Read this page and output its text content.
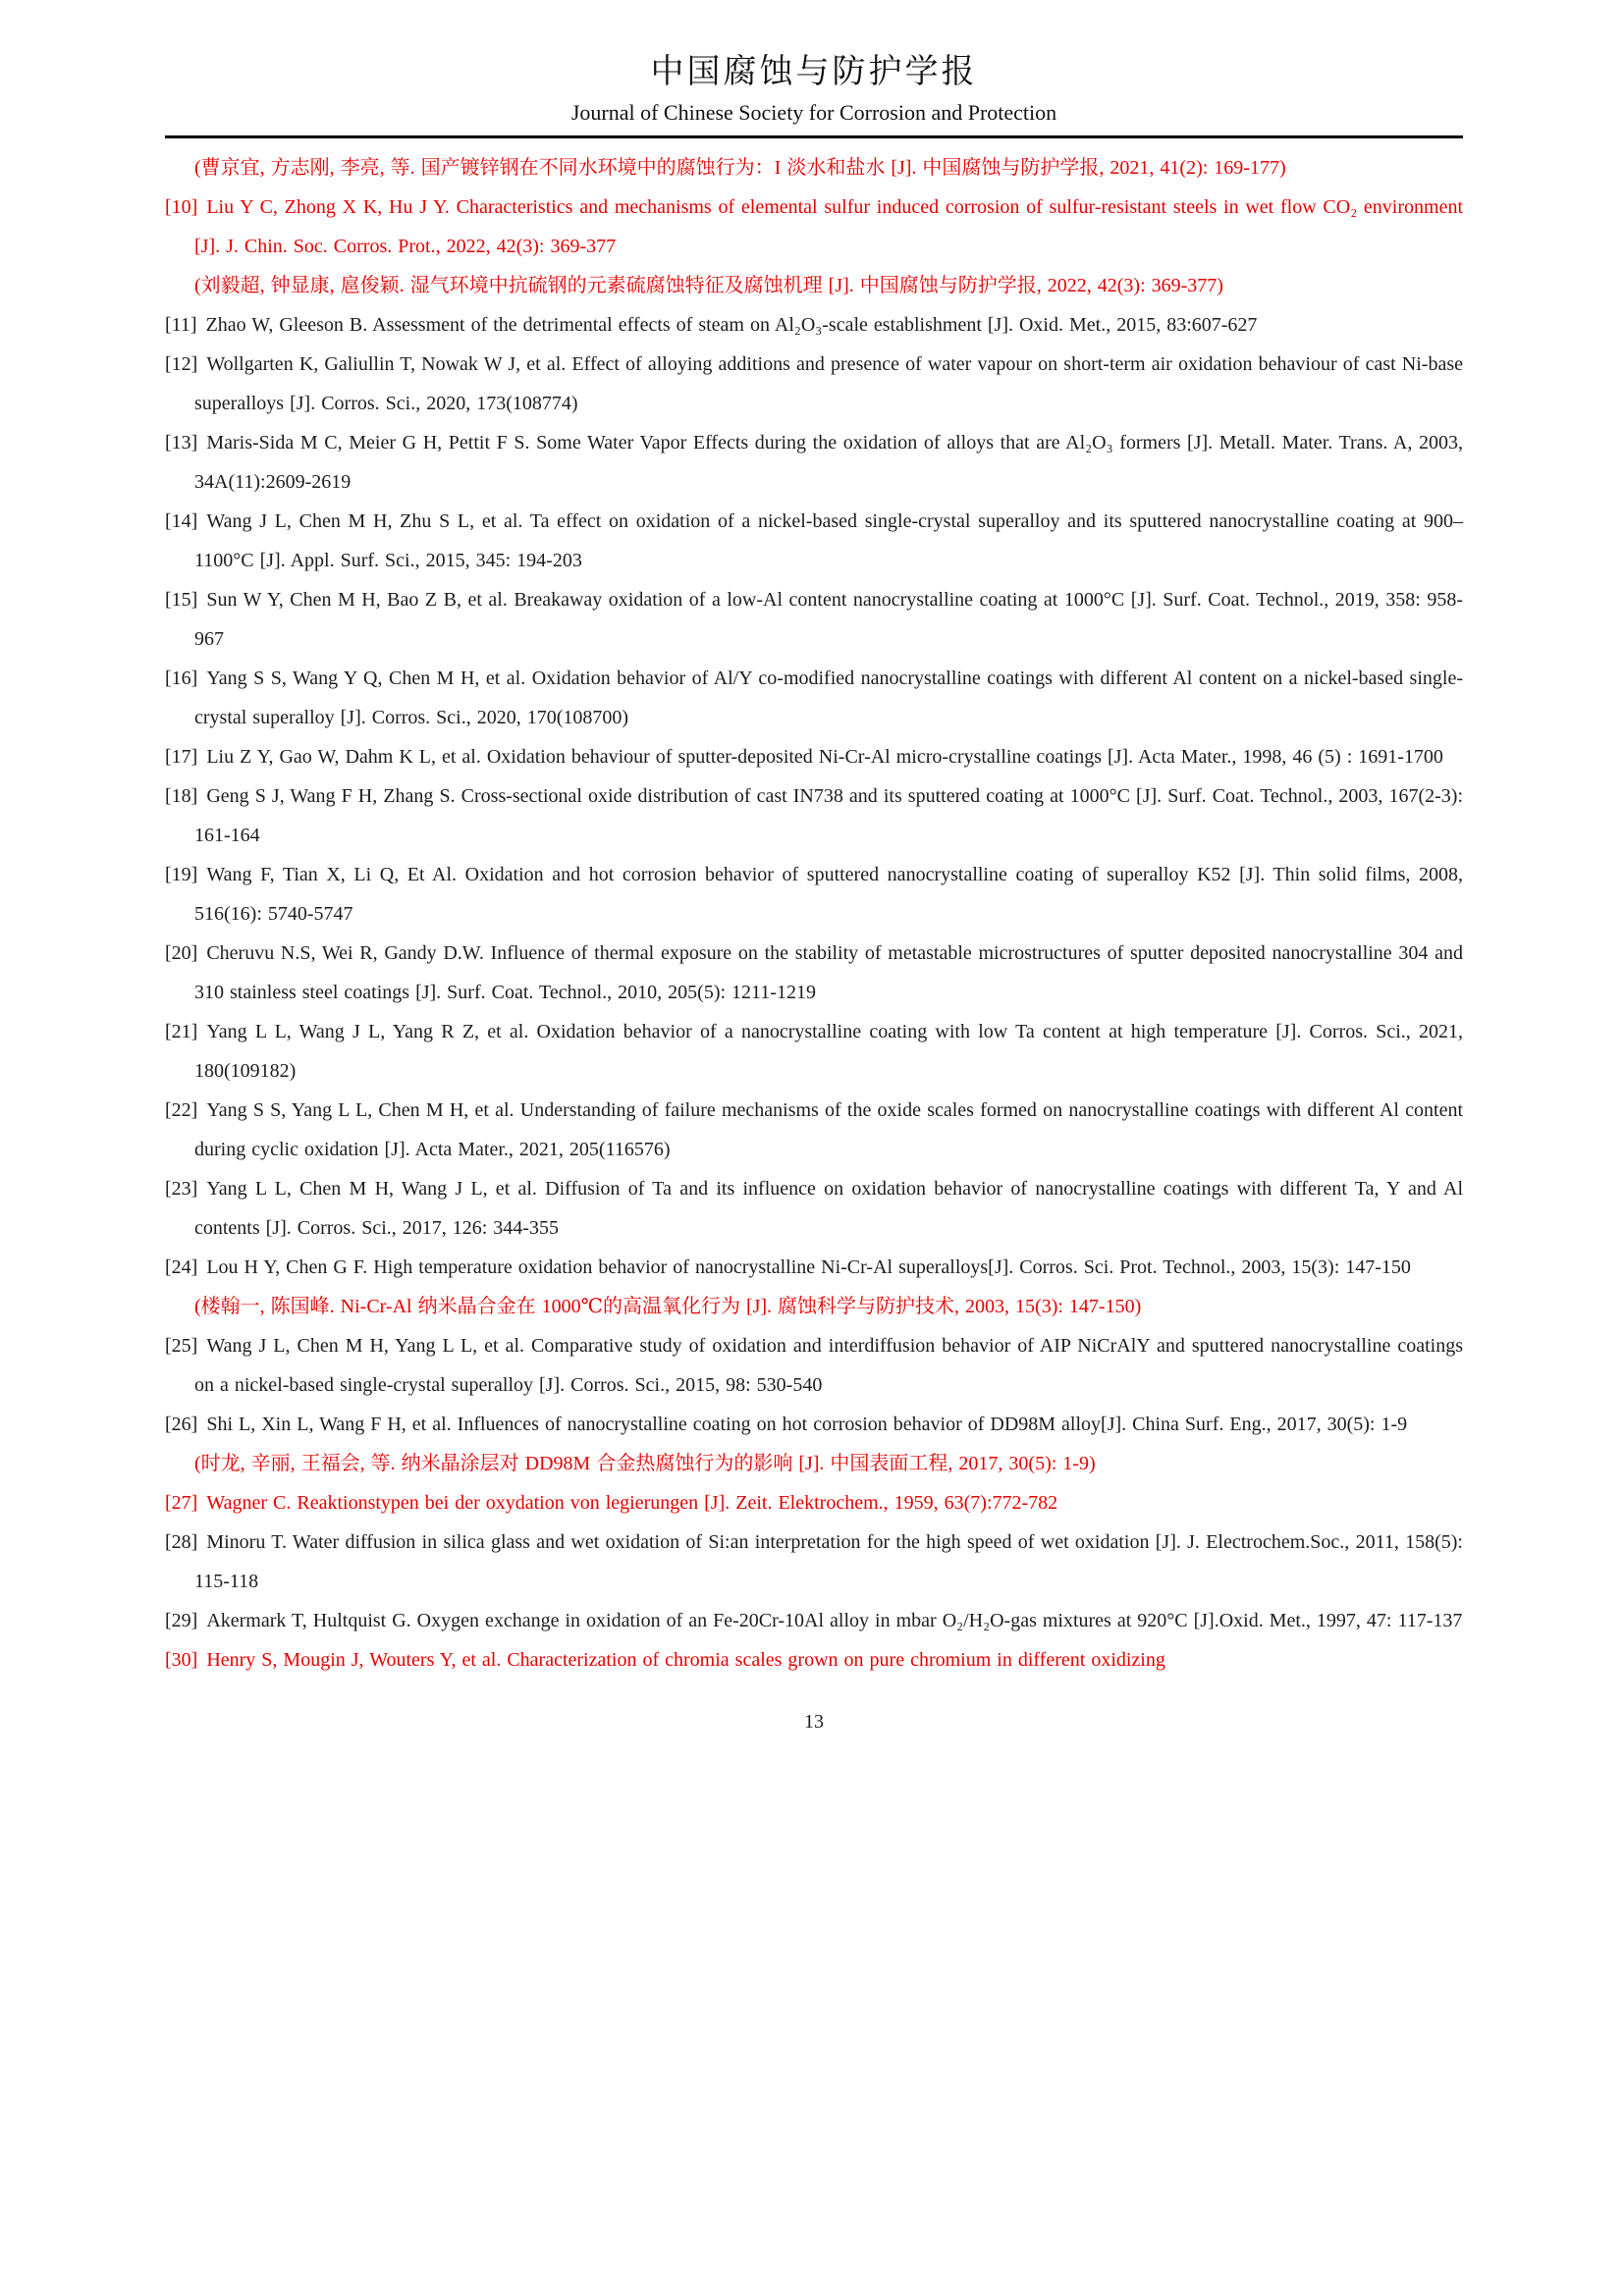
中国腐蚀与防护学报
Journal of Chinese Society for Corrosion and Protection

(曹京宜, 方志刚, 李亮, 等. 国产镀锌钢在不同水环境中的腐蚀行为：I 淡水和盐水 [J]. 中国腐蚀与防护学报, 2021, 41(2): 169-177)

[10] Liu Y C, Zhong X K, Hu J Y. Characteristics and mechanisms of elemental sulfur induced corrosion of sulfur-resistant steels in wet flow CO₂ environment [J]. J. Chin. Soc. Corros. Prot., 2022, 42(3): 369-377

(刘毅超, 钟显康, 扈俊颖. 湿气环境中抗硫钢的元素硫腐蚀特征及腐蚀机理 [J]. 中国腐蚀与防护学报, 2022, 42(3): 369-377)

[11] Zhao W, Gleeson B. Assessment of the detrimental effects of steam on Al₂O₃-scale establishment [J]. Oxid. Met., 2015, 83:607-627

[12] Wollgarten K, Galiullin T, Nowak W J, et al. Effect of alloying additions and presence of water vapour on short-term air oxidation behaviour of cast Ni-base superalloys [J]. Corros. Sci., 2020, 173(108774)

[13] Maris-Sida M C, Meier G H, Pettit F S. Some Water Vapor Effects during the oxidation of alloys that are Al₂O₃ formers [J]. Metall. Mater. Trans. A, 2003, 34A(11):2609-2619

[14] Wang J L, Chen M H, Zhu S L, et al. Ta effect on oxidation of a nickel-based single-crystal superalloy and its sputtered nanocrystalline coating at 900–1100°C [J]. Appl. Surf. Sci., 2015, 345: 194-203

[15] Sun W Y, Chen M H, Bao Z B, et al. Breakaway oxidation of a low-Al content nanocrystalline coating at 1000°C [J]. Surf. Coat. Technol., 2019, 358: 958-967

[16] Yang S S, Wang Y Q, Chen M H, et al. Oxidation behavior of Al/Y co-modified nanocrystalline coatings with different Al content on a nickel-based single-crystal superalloy [J]. Corros. Sci., 2020, 170(108700)

[17] Liu Z Y, Gao W, Dahm K L, et al. Oxidation behaviour of sputter-deposited Ni-Cr-Al micro-crystalline coatings [J]. Acta Mater., 1998, 46 (5) : 1691-1700

[18] Geng S J, Wang F H, Zhang S. Cross-sectional oxide distribution of cast IN738 and its sputtered coating at 1000°C [J]. Surf. Coat. Technol., 2003, 167(2-3): 161-164

[19] Wang F, Tian X, Li Q, Et Al. Oxidation and hot corrosion behavior of sputtered nanocrystalline coating of superalloy K52 [J]. Thin solid films, 2008, 516(16): 5740-5747

[20] Cheruvu N.S, Wei R, Gandy D.W. Influence of thermal exposure on the stability of metastable microstructures of sputter deposited nanocrystalline 304 and 310 stainless steel coatings [J]. Surf. Coat. Technol., 2010, 205(5): 1211-1219

[21] Yang L L, Wang J L, Yang R Z, et al. Oxidation behavior of a nanocrystalline coating with low Ta content at high temperature [J]. Corros. Sci., 2021, 180(109182)

[22] Yang S S, Yang L L, Chen M H, et al. Understanding of failure mechanisms of the oxide scales formed on nanocrystalline coatings with different Al content during cyclic oxidation [J]. Acta Mater., 2021, 205(116576)

[23] Yang L L, Chen M H, Wang J L, et al. Diffusion of Ta and its influence on oxidation behavior of nanocrystalline coatings with different Ta, Y and Al contents [J]. Corros. Sci., 2017, 126: 344-355

[24] Lou H Y, Chen G F. High temperature oxidation behavior of nanocrystalline Ni-Cr-Al superalloys[J]. Corros. Sci. Prot. Technol., 2003, 15(3): 147-150

(楼翰一, 陈国峰. Ni-Cr-Al 纳米晶合金在 1000℃的高温氧化行为 [J]. 腐蚀科学与防护技术, 2003, 15(3): 147-150)

[25] Wang J L, Chen M H, Yang L L, et al. Comparative study of oxidation and interdiffusion behavior of AIP NiCrAlY and sputtered nanocrystalline coatings on a nickel-based single-crystal superalloy [J]. Corros. Sci., 2015, 98: 530-540

[26] Shi L, Xin L, Wang F H, et al. Influences of nanocrystalline coating on hot corrosion behavior of DD98M alloy[J]. China Surf. Eng., 2017, 30(5): 1-9

(时龙, 辛丽, 王福会, 等. 纳米晶涂层对 DD98M 合金热腐蚀行为的影响 [J]. 中国表面工程, 2017, 30(5): 1-9)

[27] Wagner C. Reaktionstypen bei der oxydation von legierungen [J]. Zeit. Elektrochem., 1959, 63(7):772-782

[28] Minoru T. Water diffusion in silica glass and wet oxidation of Si:an interpretation for the high speed of wet oxidation [J]. J. Electrochem.Soc., 2011, 158(5): 115-118

[29] Akermark T, Hultquist G. Oxygen exchange in oxidation of an Fe-20Cr-10Al alloy in mbar O₂/H₂O-gas mixtures at 920°C [J].Oxid. Met., 1997, 47: 117-137

[30] Henry S, Mougin J, Wouters Y, et al. Characterization of chromia scales grown on pure chromium in different oxidizing

13
